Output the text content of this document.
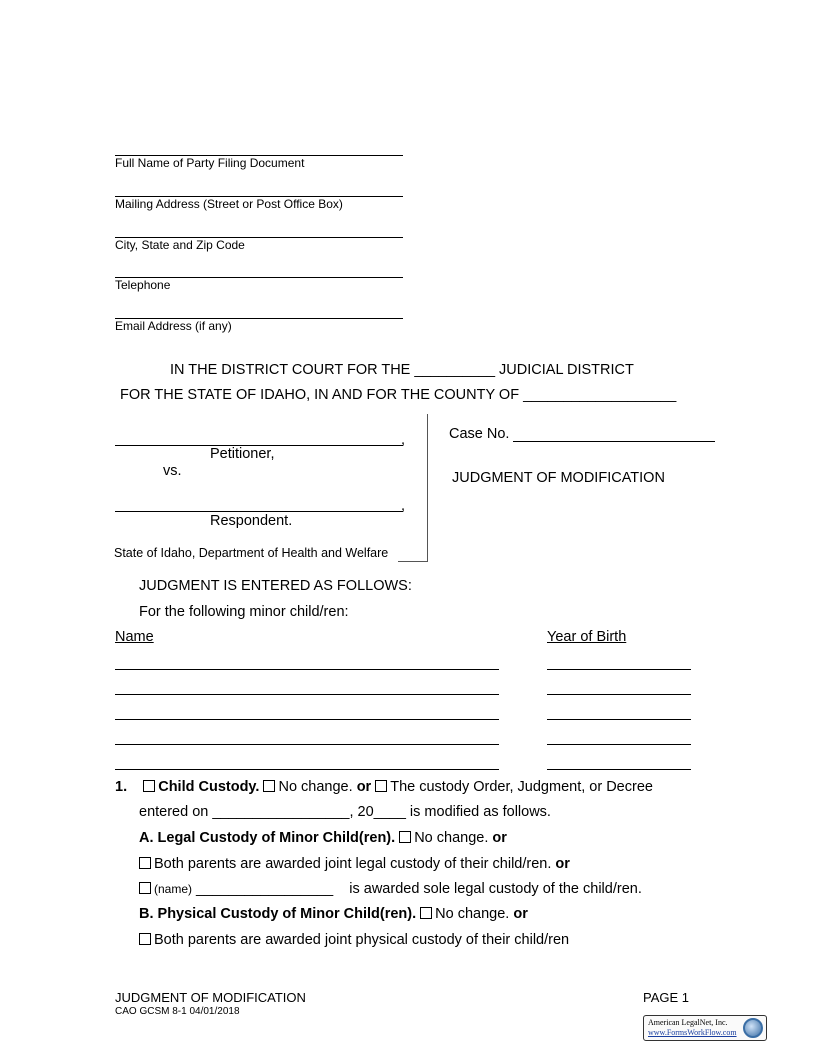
Full Name of Party Filing Document
Mailing Address (Street or Post Office Box)
City, State and Zip Code
Telephone
Email Address (if any)
IN THE DISTRICT COURT FOR THE __________ JUDICIAL DISTRICT
FOR THE STATE OF IDAHO, IN AND FOR THE COUNTY OF ___________________
,
Petitioner,
vs.
,
Respondent.
State of Idaho, Department of Health and Welfare
Case No.
JUDGMENT OF MODIFICATION
JUDGMENT IS ENTERED AS FOLLOWS:
For the following minor child/ren:
Name	Year of Birth
1. Child Custody. No change. or The custody Order, Judgment, or Decree
entered on _________________, 20____ is modified as follows.
A. Legal Custody of Minor Child(ren). No change. or
Both parents are awarded joint legal custody of their child/ren. or
(name) _________________ is awarded sole legal custody of the child/ren.
B. Physical Custody of Minor Child(ren). No change. or
Both parents are awarded joint physical custody of their child/ren
JUDGMENT OF MODIFICATION
CAO GCSM 8-1 04/01/2018
PAGE 1
American LegalNet, Inc.
www.FormsWorkFlow.com
